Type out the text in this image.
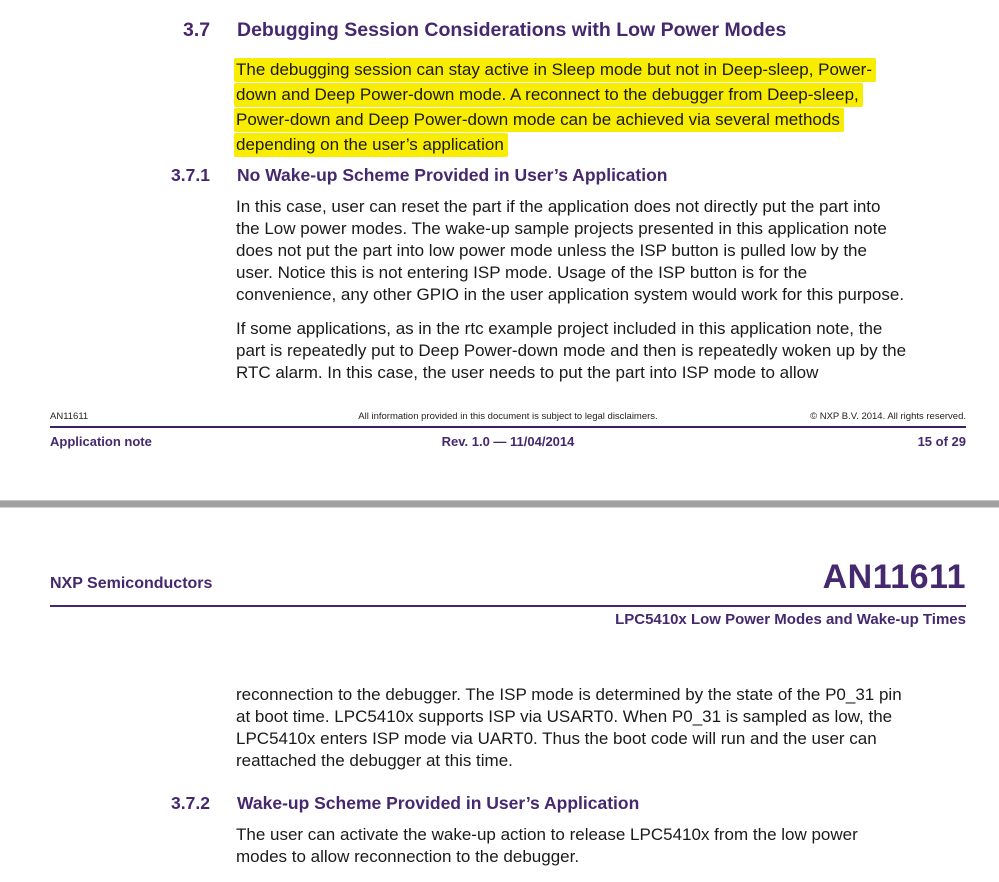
3.7	Debugging Session Considerations with Low Power Modes
The debugging session can stay active in Sleep mode but not in Deep-sleep, Power-
down and Deep Power-down mode. A reconnect to the debugger from Deep-sleep,
Power-down and Deep Power-down mode can be achieved via several methods
depending on the user’s application
3.7.1	No Wake-up Scheme Provided in User’s Application
In this case, user can reset the part if the application does not directly put the part into
the Low power modes. The wake-up sample projects presented in this application note
does not put the part into low power mode unless the ISP button is pulled low by the
user. Notice this is not entering ISP mode. Usage of the ISP button is for the
convenience, any other GPIO in the user application system would work for this purpose.
If some applications, as in the rtc example project included in this application note, the
part is repeatedly put to Deep Power-down mode and then is repeatedly woken up by the
RTC alarm. In this case, the user needs to put the part into ISP mode to allow
AN11611	All information provided in this document is subject to legal disclaimers.	© NXP B.V. 2014. All rights reserved.
Application note	Rev. 1.0 — 11/04/2014	15 of 29
NXP Semiconductors	AN11611
LPC5410x Low Power Modes and Wake-up Times
reconnection to the debugger. The ISP mode is determined by the state of the P0_31 pin
at boot time. LPC5410x supports ISP via USART0. When P0_31 is sampled as low, the
LPC5410x enters ISP mode via UART0. Thus the boot code will run and the user can
reattached the debugger at this time.
3.7.2	Wake-up Scheme Provided in User’s Application
The user can activate the wake-up action to release LPC5410x from the low power
modes to allow reconnection to the debugger.
